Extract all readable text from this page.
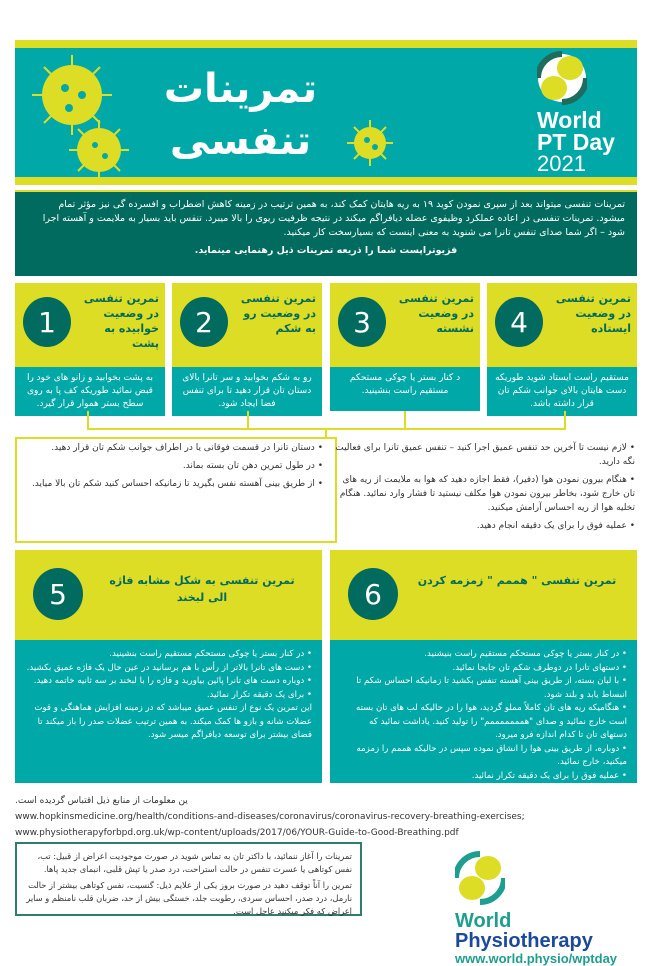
تمرینات
تنفسی	World
PT Day
2021
تمرینات تنفسی میتواند بعد از سپری نمودن کوید ۱۹ به ریه هایتان کمک کند، به همین ترتیب در زمینه کاهش اضطراب و افسرده گی نیز مؤثر تمام میشود. تمرینات تنفسی در اعاده عملکرد وظیفوی عضله دیافراگم میکند در نتیجه ظرفیت ریوی را بالا میبرد. تنفس باید بسیار به ملایمت و آهسته اجرا شود – اگر شما صدای تنفس تانرا می شنوید به معنی اینست که بسیارسخت کار میکنید.
فزیوتراپست شما را ذریعه تمرینات ذیل رهنمایی مینماید.
1
تمرین تنفسی در وضعیت خوابیده به پشت
به پشت بخوابید و زانو های خود را قبض نمائید طوریکه کف پا به روی سطح بستر هموار قرار گیرد.
2
تمرین تنفسی در وضعیت رو به شکم
رو به شکم بخوابید و سر تانرا بالای دستان تان قرار دهید تا برای تنفس فضا ایجاد شود.
3
تمرین تنفسی در وضعیت نشسته
د کنار بستر یا چوکی مستحکم مستقیم راست بنشینید.
4
تمرین تنفسی در وضعیت ایستاده
مستقیم راست ایستاد شوید طوریکه دست هایتان بالای جوانب شکم تان قرار داشته باشد.
• لازم نیست تا آخرین حد تنفس عمیق اجرا کنید – تنفس عمیق تانرا برای فعالیت نگه دارید.
• هنگام بیرون نمودن هوا (دفیر)، فقط اجازه دهید که هوا به ملایمت از ریه های تان خارج شود، بخاطر بیرون نمودن هوا مکلف نیستید تا فشار وارد نمائید. هنگام تخلیه هوا از ریه احساس آرامش میکنید.
• عملیه فوق را برای یک دقیقه انجام دهید.
• دستان تانرا در قسمت فوقانی یا در اطراف جوانب شکم تان قرار دهید.
• در طول تمرین دهن تان بسته بماند.
• از طریق بینی آهسته نفس بگیرید تا زمانیکه احساس کنید شکم تان بالا میاید.
5	تمرین تنفسی به شکل مشابه فاژه الی لبخند
• در کنار بستر یا چوکی مستحکم مستقیم راست بنشینید.
• دست های تانرا بالاتر از رأس با هم برسانید در عین حال یک فاژه عمیق بکشید.
• دوباره دست های تانرا پائین بیاورید و فاژه را با لبخند بر سه ثانیه خاتمه دهید.
• برای یک دقیقه تکرار نمائید.
این تمرین یک نوع از تنفس عمیق میباشد که در زمینه افزایش هماهنگی و قوت عضلات شانه و بازو ها کمک میکند. به همین ترتیب عضلات صدر را باز میکند تا فضای بیشتر برای توسعه دیافراگم میسر شود.
6	تمرین تنفسی " هممم " زمزمه کردن
• در کنار بستر یا چوکی مستحکم مستقیم راست بنیشنید.
• دستهای تانرا در دوطرف شکم تان جابجا نمائید.
• با لبان بسته، از طریق بینی آهسته تنفس بکشید تا زمانیکه احساس شکم تا انبساط یابد و بلند شود.
• هنگامیکه ریه های تان کاملاً مملو گردید، هوا را در حالیکه لب های تان بسته است خارج نمائید و صدای "همممممممم" را تولید کنید. یاداشت نمائید که دستهای تان تا کدام اندازه فرو میرود.
• دوباره، از طریق بینی هوا را انشاق نموده سپس در حالیکه هممم را زمزمه میکنید، خارج نمائید.
• عملیه فوق را برای یک دقیقه تکرار نمائید.
ین معلومات از منابع ذیل اقتباس گردیده است.
www.hopkinsmedicine.org/health/conditions-and-diseases/coronavirus/coronavirus-recovery-breathing-exercises;
www.physiotherapyforbpd.org.uk/wp-content/uploads/2017/06/YOUR-Guide-to-Good-Breathing.pdf
تمرینات را آغاز ننمائید، با داکتر تان به تماس شوید در صورت موجودیت اعراض از قبیل: تب، نفس کوتاهی یا عسرت تنفس در حالت استراحت، درد صدر یا تپش قلبی، انبمای جدید پاها.
تمرین را آناً توقف دهید در صورت بروز یکی از علایم ذیل: گنسیت، نفس کوتاهی بیشتر از حالت نارمل، درد صدر، احساس سردی، رطوبت جلد، خستگی بیش از حد، ضربان قلب نامنظم و سایر اعراض که فکر میکنید عاجل است.	World
Physiotherapy
www.world.physio/wptday
